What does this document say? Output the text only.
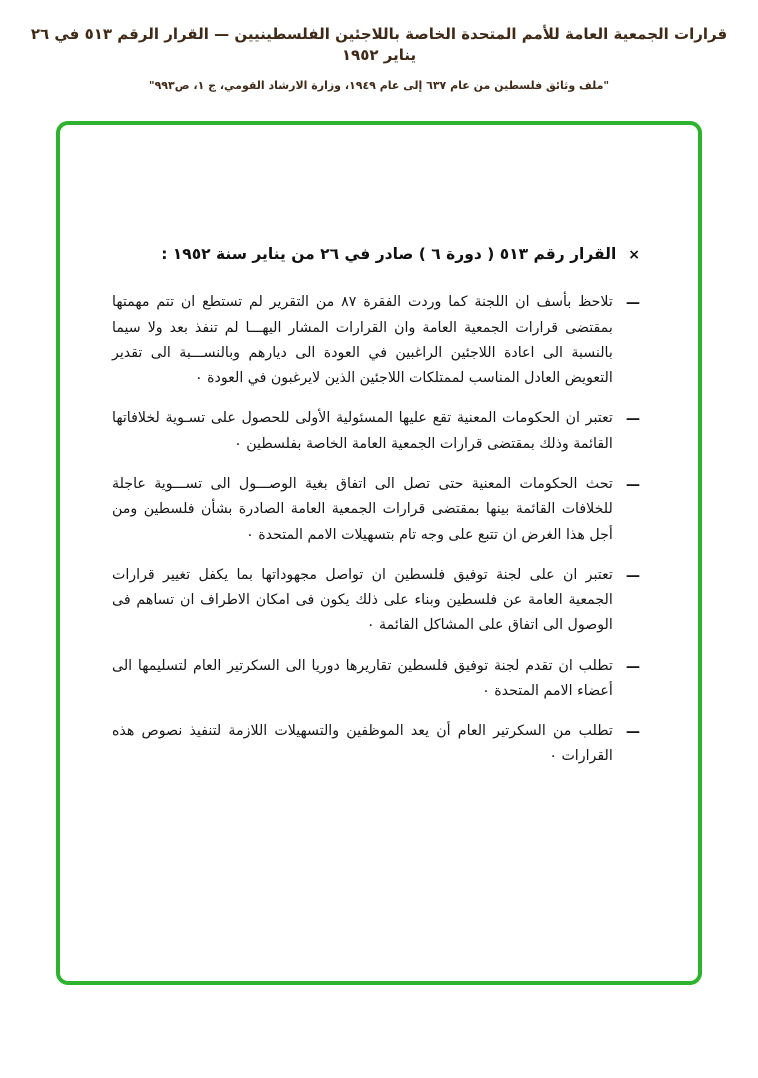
قرارات الجمعية العامة للأمم المتحدة الخاصة باللاجئين الفلسطينيين — القرار الرقم ٥١٣ في ٢٦ يناير ١٩٥٢
"ملف وثائق فلسطين من عام ٦٣٧ إلى عام ١٩٤٩، وزارة الارشاد القومي، ج ١، ص٩٩٣"
×
القرار رقم ٥١٣ ( دورة ٦ ) صادر في ٢٦ من يناير سنة ١٩٥٢ :
—
تلاحظ بأسف ان اللجنة كما وردت الفقرة ٨٧ من التقرير لم تستطع ان تتم مهمتها بمقتضى قرارات الجمعية العامة وان القرارات المشار اليهـــا لم تنفذ بعد ولا سيما بالنسبة الى اعادة اللاجئين الراغبين في العودة الى ديارهم وبالنســـبة الى تقدير التعويض العادل المناسب لممتلكات اللاجئين الذين لايرغبون في العودة ٠
—
تعتبر ان الحكومات المعنية تقع عليها المسئولية الأولى للحصول على تسـوية لخلافاتها القائمة وذلك بمقتضى قرارات الجمعية العامة الخاصة بفلسطين ٠
—
تحث الحكومات المعنية حتى تصل الى اتفاق بغية الوصـــول الى تســـوية عاجلة للخلافات القائمة بينها بمقتضى قرارات الجمعية العامة الصادرة بشأن فلسطين ومن أجل هذا الغرض ان تتبع على وجه تام بتسهيلات الامم المتحدة ٠
—
تعتبر ان على لجنة توفيق فلسطين ان تواصل مجهوداتها بما يكفل تغيير قرارات الجمعية العامة عن فلسطين وبناء على ذلك يكون فى امكان الاطراف ان تساهم فى الوصول الى اتفاق على المشاكل القائمة ٠
—
تطلب ان تقدم لجنة توفيق فلسطين تقاريرها دوريا الى السكرتير العام لتسليمها الى أعضاء الامم المتحدة ٠
—
تطلب من السكرتير العام أن يعد الموظفين والتسهيلات اللازمة لتنفيذ نصوص هذه القرارات ٠
